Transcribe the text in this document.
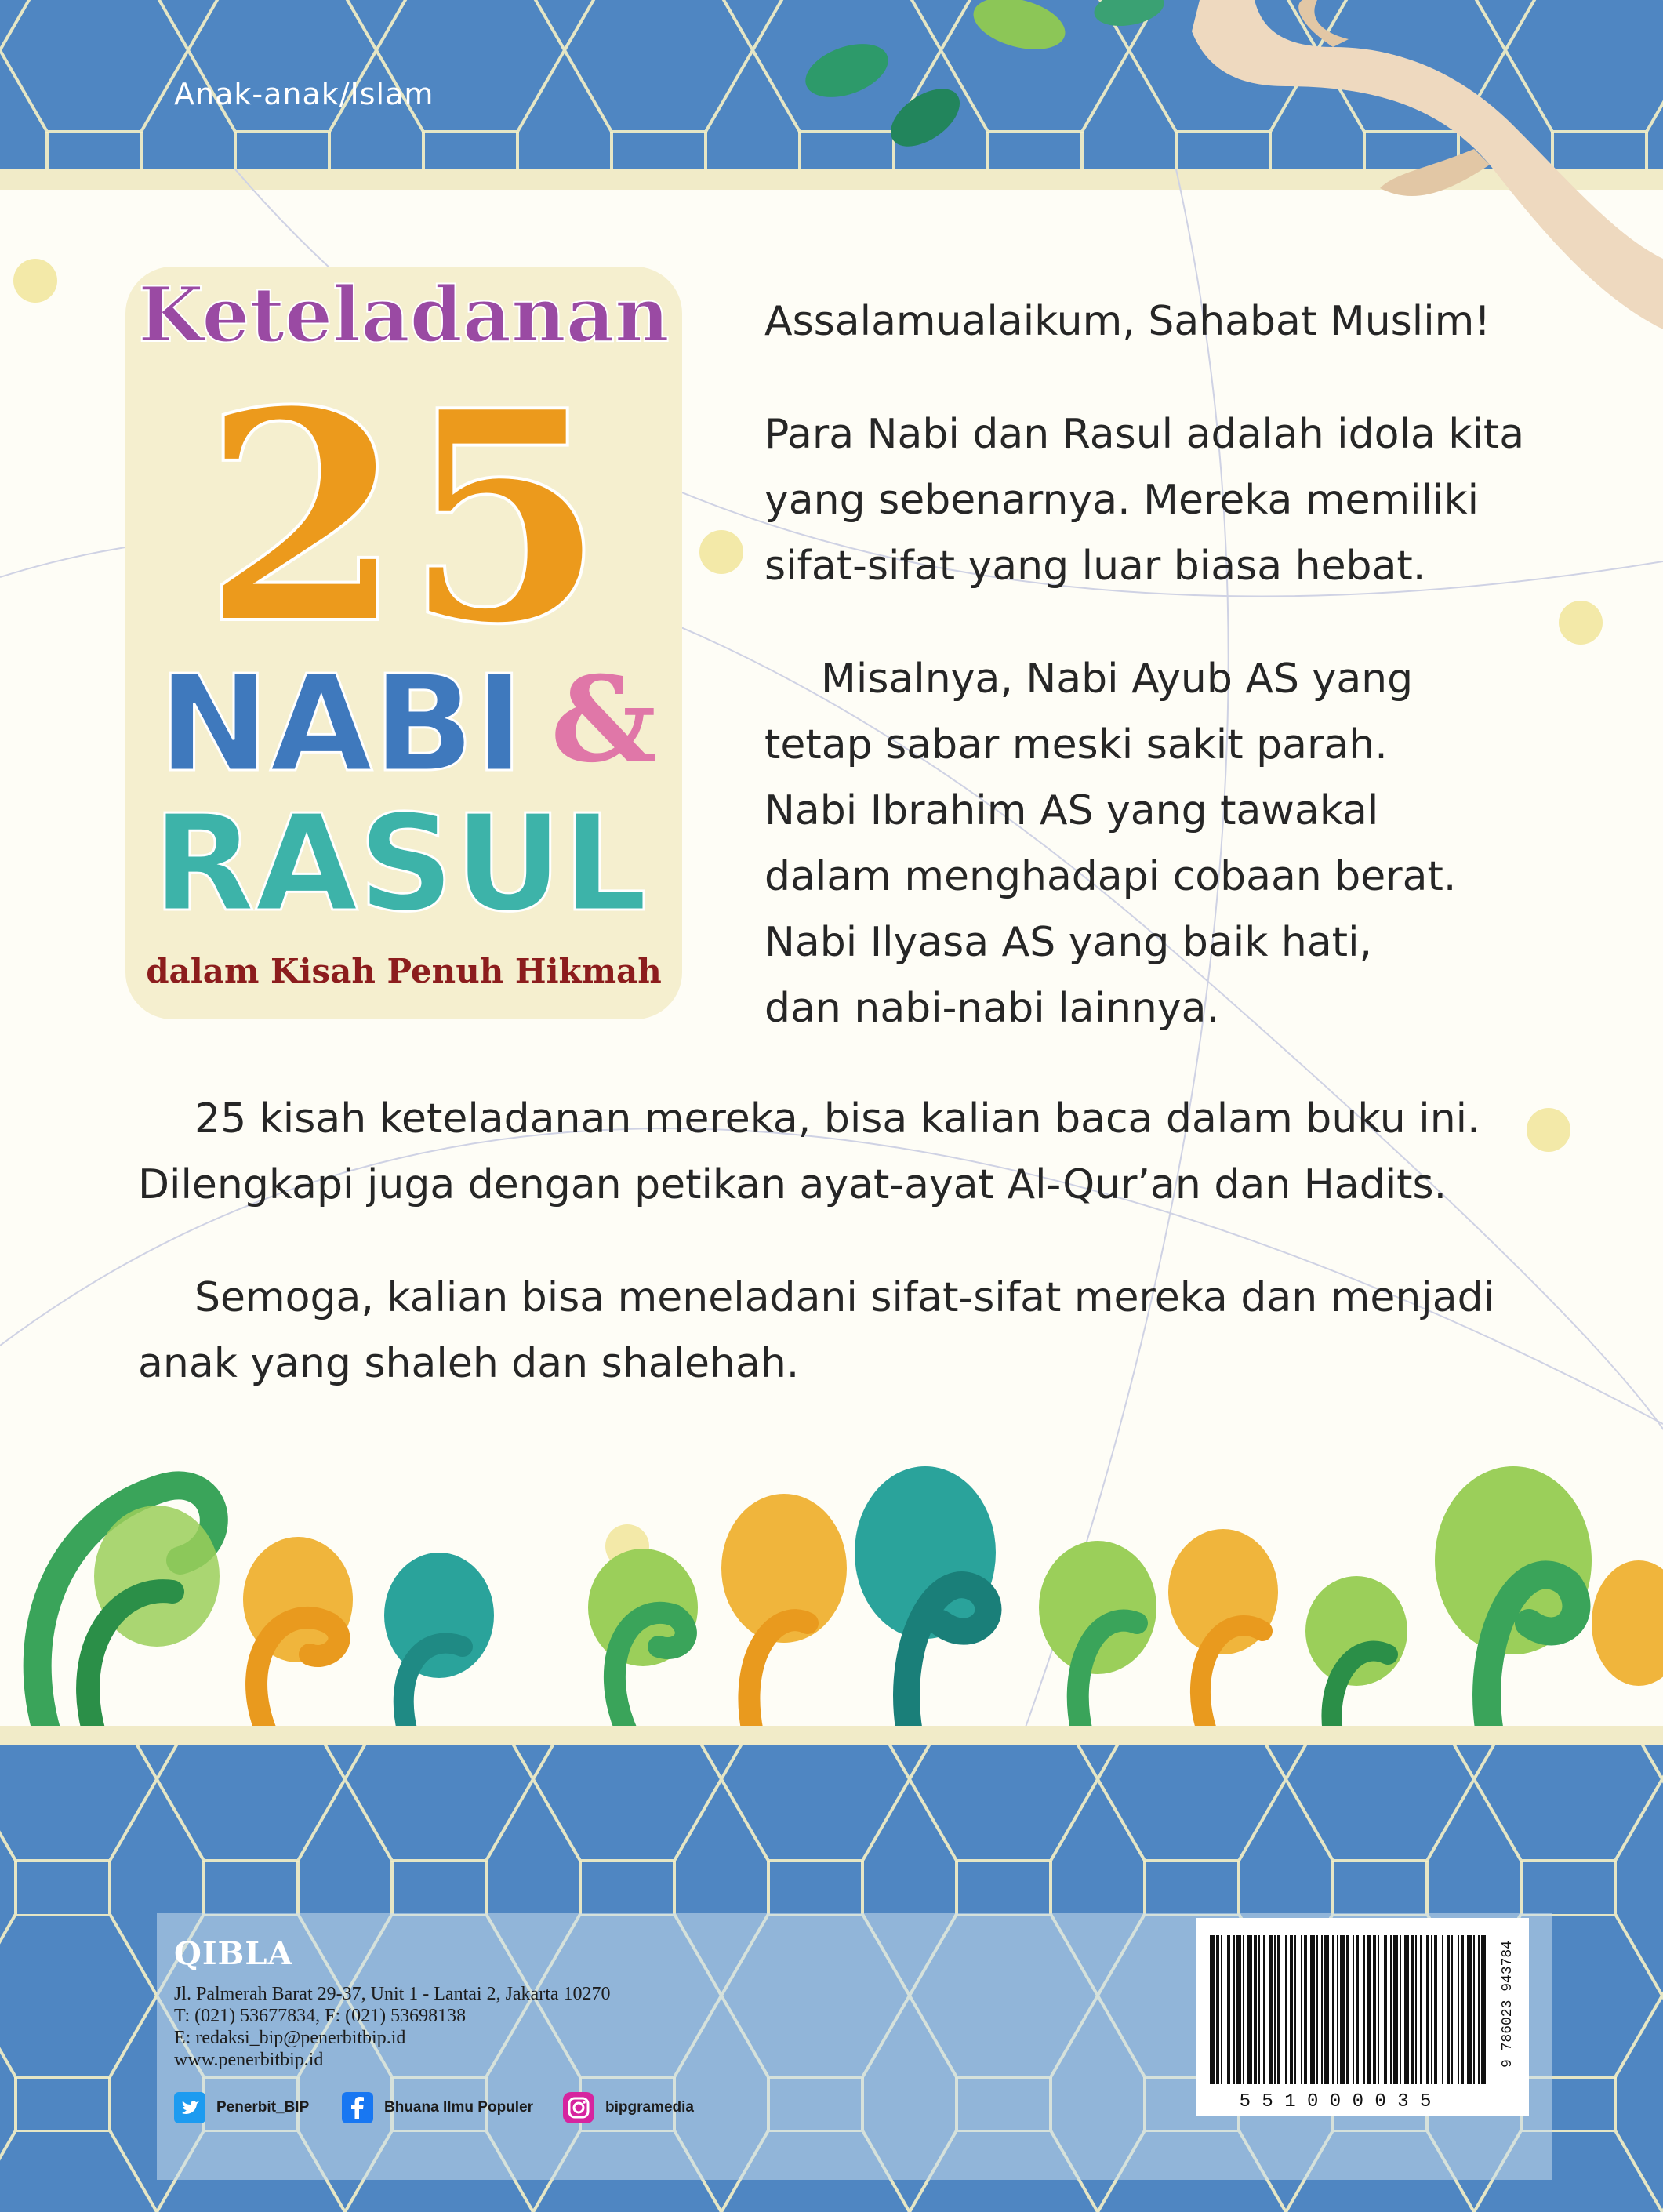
Anak-anak/Islam
Keteladanan
25
NABI &
RASUL
dalam Kisah Penuh Hikmah

Assalamualaikum, Sahabat Muslim!

Para Nabi dan Rasul adalah idola kita

yang sebenarnya. Mereka memiliki

sifat-sifat yang luar biasa hebat.

Misalnya, Nabi Ayub AS yang

tetap sabar meski sakit parah.

Nabi Ibrahim AS yang tawakal

dalam menghadapi cobaan berat.

Nabi Ilyasa AS yang baik hati,

dan nabi-nabi lainnya.

25 kisah keteladanan mereka, bisa kalian baca dalam buku ini.

Dilengkapi juga dengan petikan ayat-ayat Al-Qur’an dan Hadits.

Semoga, kalian bisa meneladani sifat-sifat mereka dan menjadi

anak yang shaleh dan shalehah.

QIBLA
Jl. Palmerah Barat 29-37, Unit 1 - Lantai 2, Jakarta 10270
T: (021) 53677834, F: (021) 53698138
E: redaksi_bip@penerbitbip.id
www.penerbitbip.id
Penerbit_BIP	Bhuana Ilmu Populer	bipgramedia	5 5 1 0 0 0 0 3 5
9 786023 943784
